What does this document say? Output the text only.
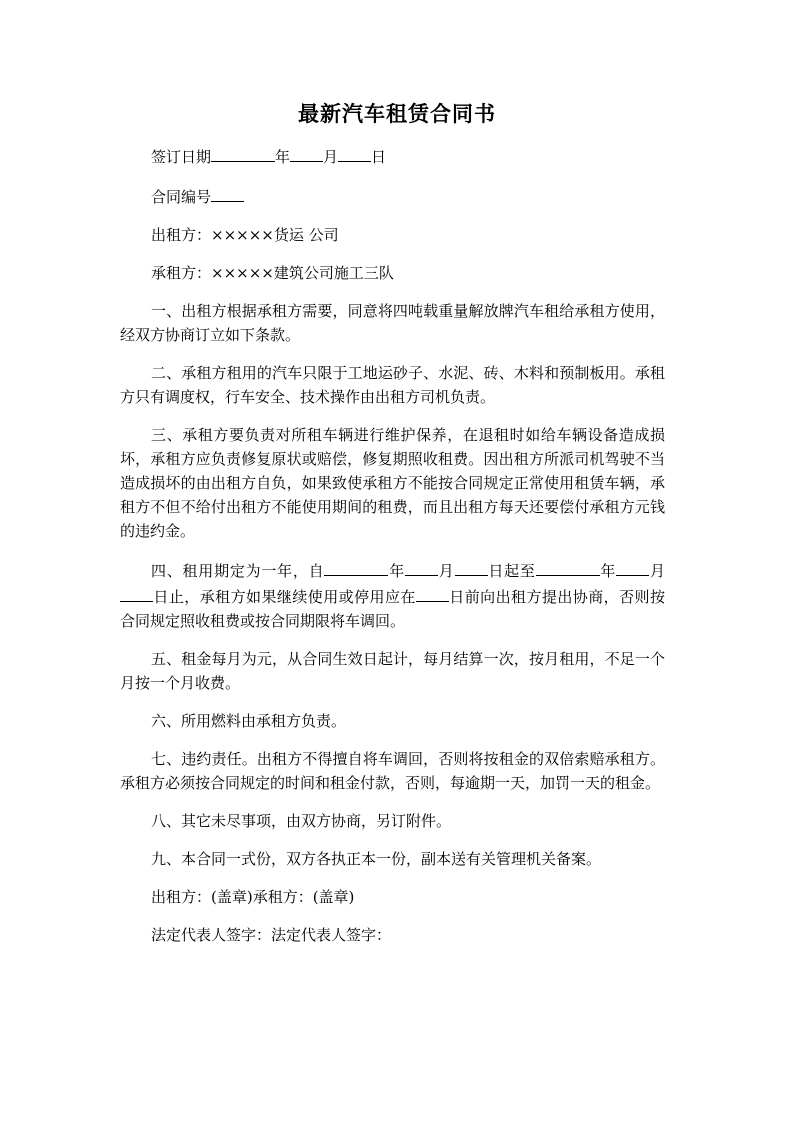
最新汽车租赁合同书

签订日期	年 月 日

合同编号

出租方：×××××货运 公司

承租方：×××××建筑公司施工三队

一、出租方根据承租方需要，同意将四吨载重量解放牌汽车租给承租方使用，经双方协商订立如下条款。

二、承租方租用的汽车只限于工地运砂子、水泥、砖、木料和预制板用。承租方只有调度权，行车安全、技术操作由出租方司机负责。

三、承租方要负责对所租车辆进行维护保养，在退租时如给车辆设备造成损坏，承租方应负责修复原状或赔偿，修复期照收租费。因出租方所派司机驾驶不当造成损坏的由出租方自负，如果致使承租方不能按合同规定正常使用租赁车辆，承租方不但不给付出租方不能使用期间的租费，而且出租方每天还要偿付承租方元钱的违约金。

四、租用期定为一年，自	年 月 日起至	年 月日止，承租方如果继续使用或停用应在 日前向出租方提出协商，否则按合同规定照收租费或按合同期限将车调回。

五、租金每月为元，从合同生效日起计，每月结算一次，按月租用，不足一个月按一个月收费。

六、所用燃料由承租方负责。

七、违约责任。出租方不得擅自将车调回，否则将按租金的双倍索赔承租方。承租方必须按合同规定的时间和租金付款，否则，每逾期一天，加罚一天的租金。

八、其它未尽事项，由双方协商，另订附件。

九、本合同一式份，双方各执正本一份，副本送有关管理机关备案。

出租方：(盖章)承租方：(盖章)

法定代表人签字：法定代表人签字：
